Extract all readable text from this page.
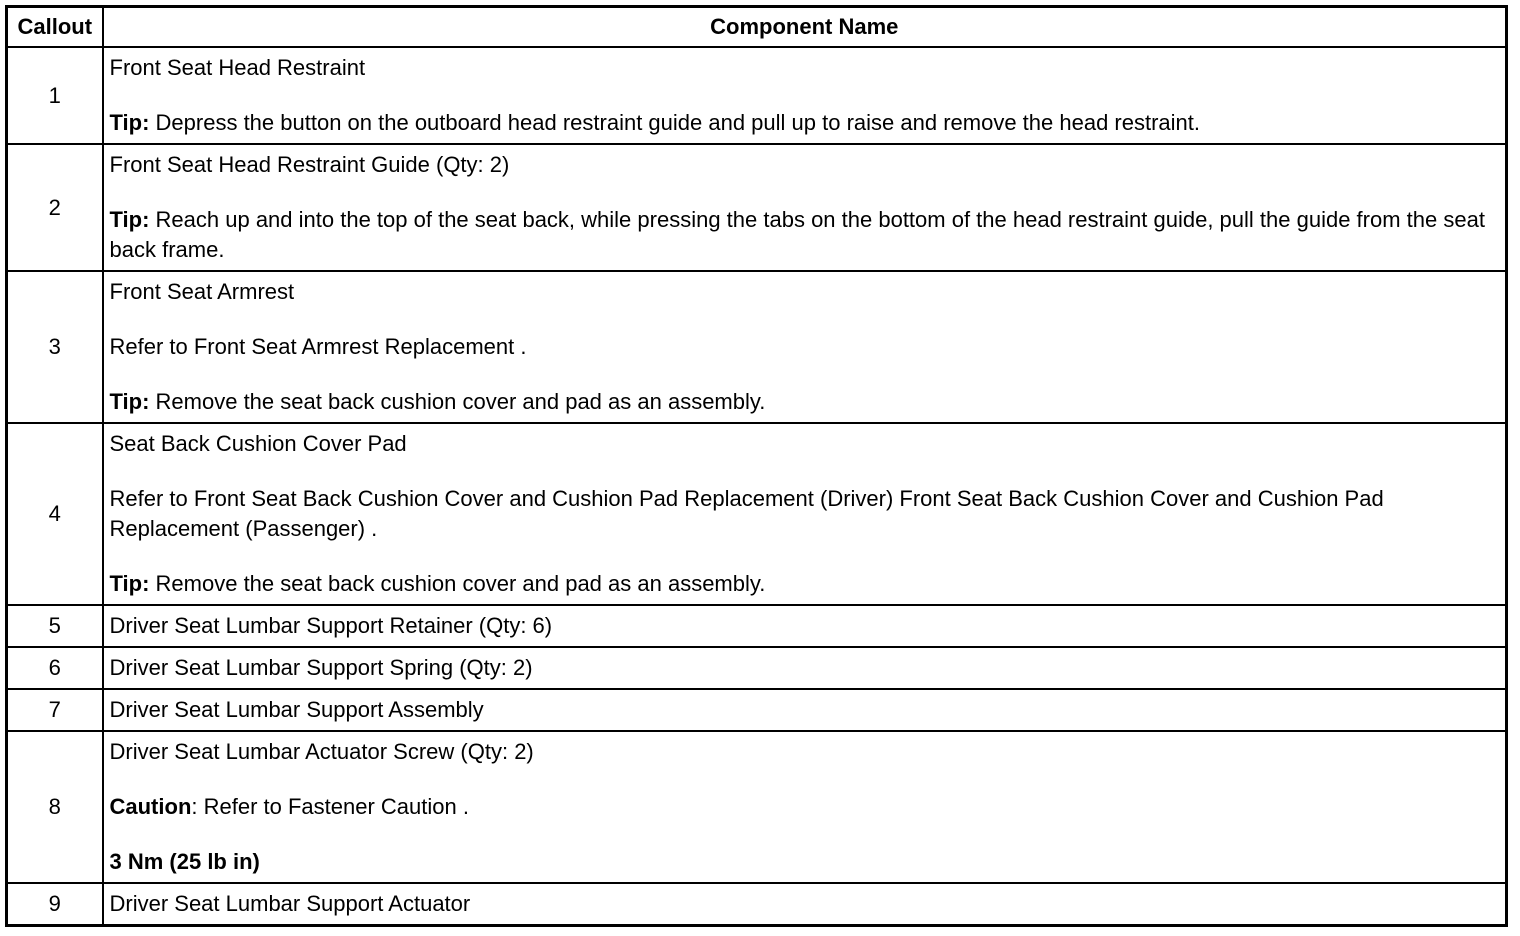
Callout	Component Name
1	Front Seat Head Restraint
Tip: Depress the button on the outboard head restraint guide and pull up to raise and remove the head restraint.

2	Front Seat Head Restraint Guide (Qty: 2)
Tip: Reach up and into the top of the seat back, while pressing the tabs on the bottom of the head restraint guide, pull the guide from the seat back frame.

3	Front Seat Armrest
Refer to Front Seat Armrest Replacement .
Tip: Remove the seat back cushion cover and pad as an assembly.

4	Seat Back Cushion Cover Pad
Refer to Front Seat Back Cushion Cover and Cushion Pad Replacement (Driver) Front Seat Back Cushion Cover and Cushion Pad Replacement (Passenger) .
Tip: Remove the seat back cushion cover and pad as an assembly.

5	Driver Seat Lumbar Support Retainer (Qty: 6)
6	Driver Seat Lumbar Support Spring (Qty: 2)
7	Driver Seat Lumbar Support Assembly
8	Driver Seat Lumbar Actuator Screw (Qty: 2)
Caution: Refer to Fastener Caution .
3 Nm (25 lb in)

9	Driver Seat Lumbar Support Actuator
